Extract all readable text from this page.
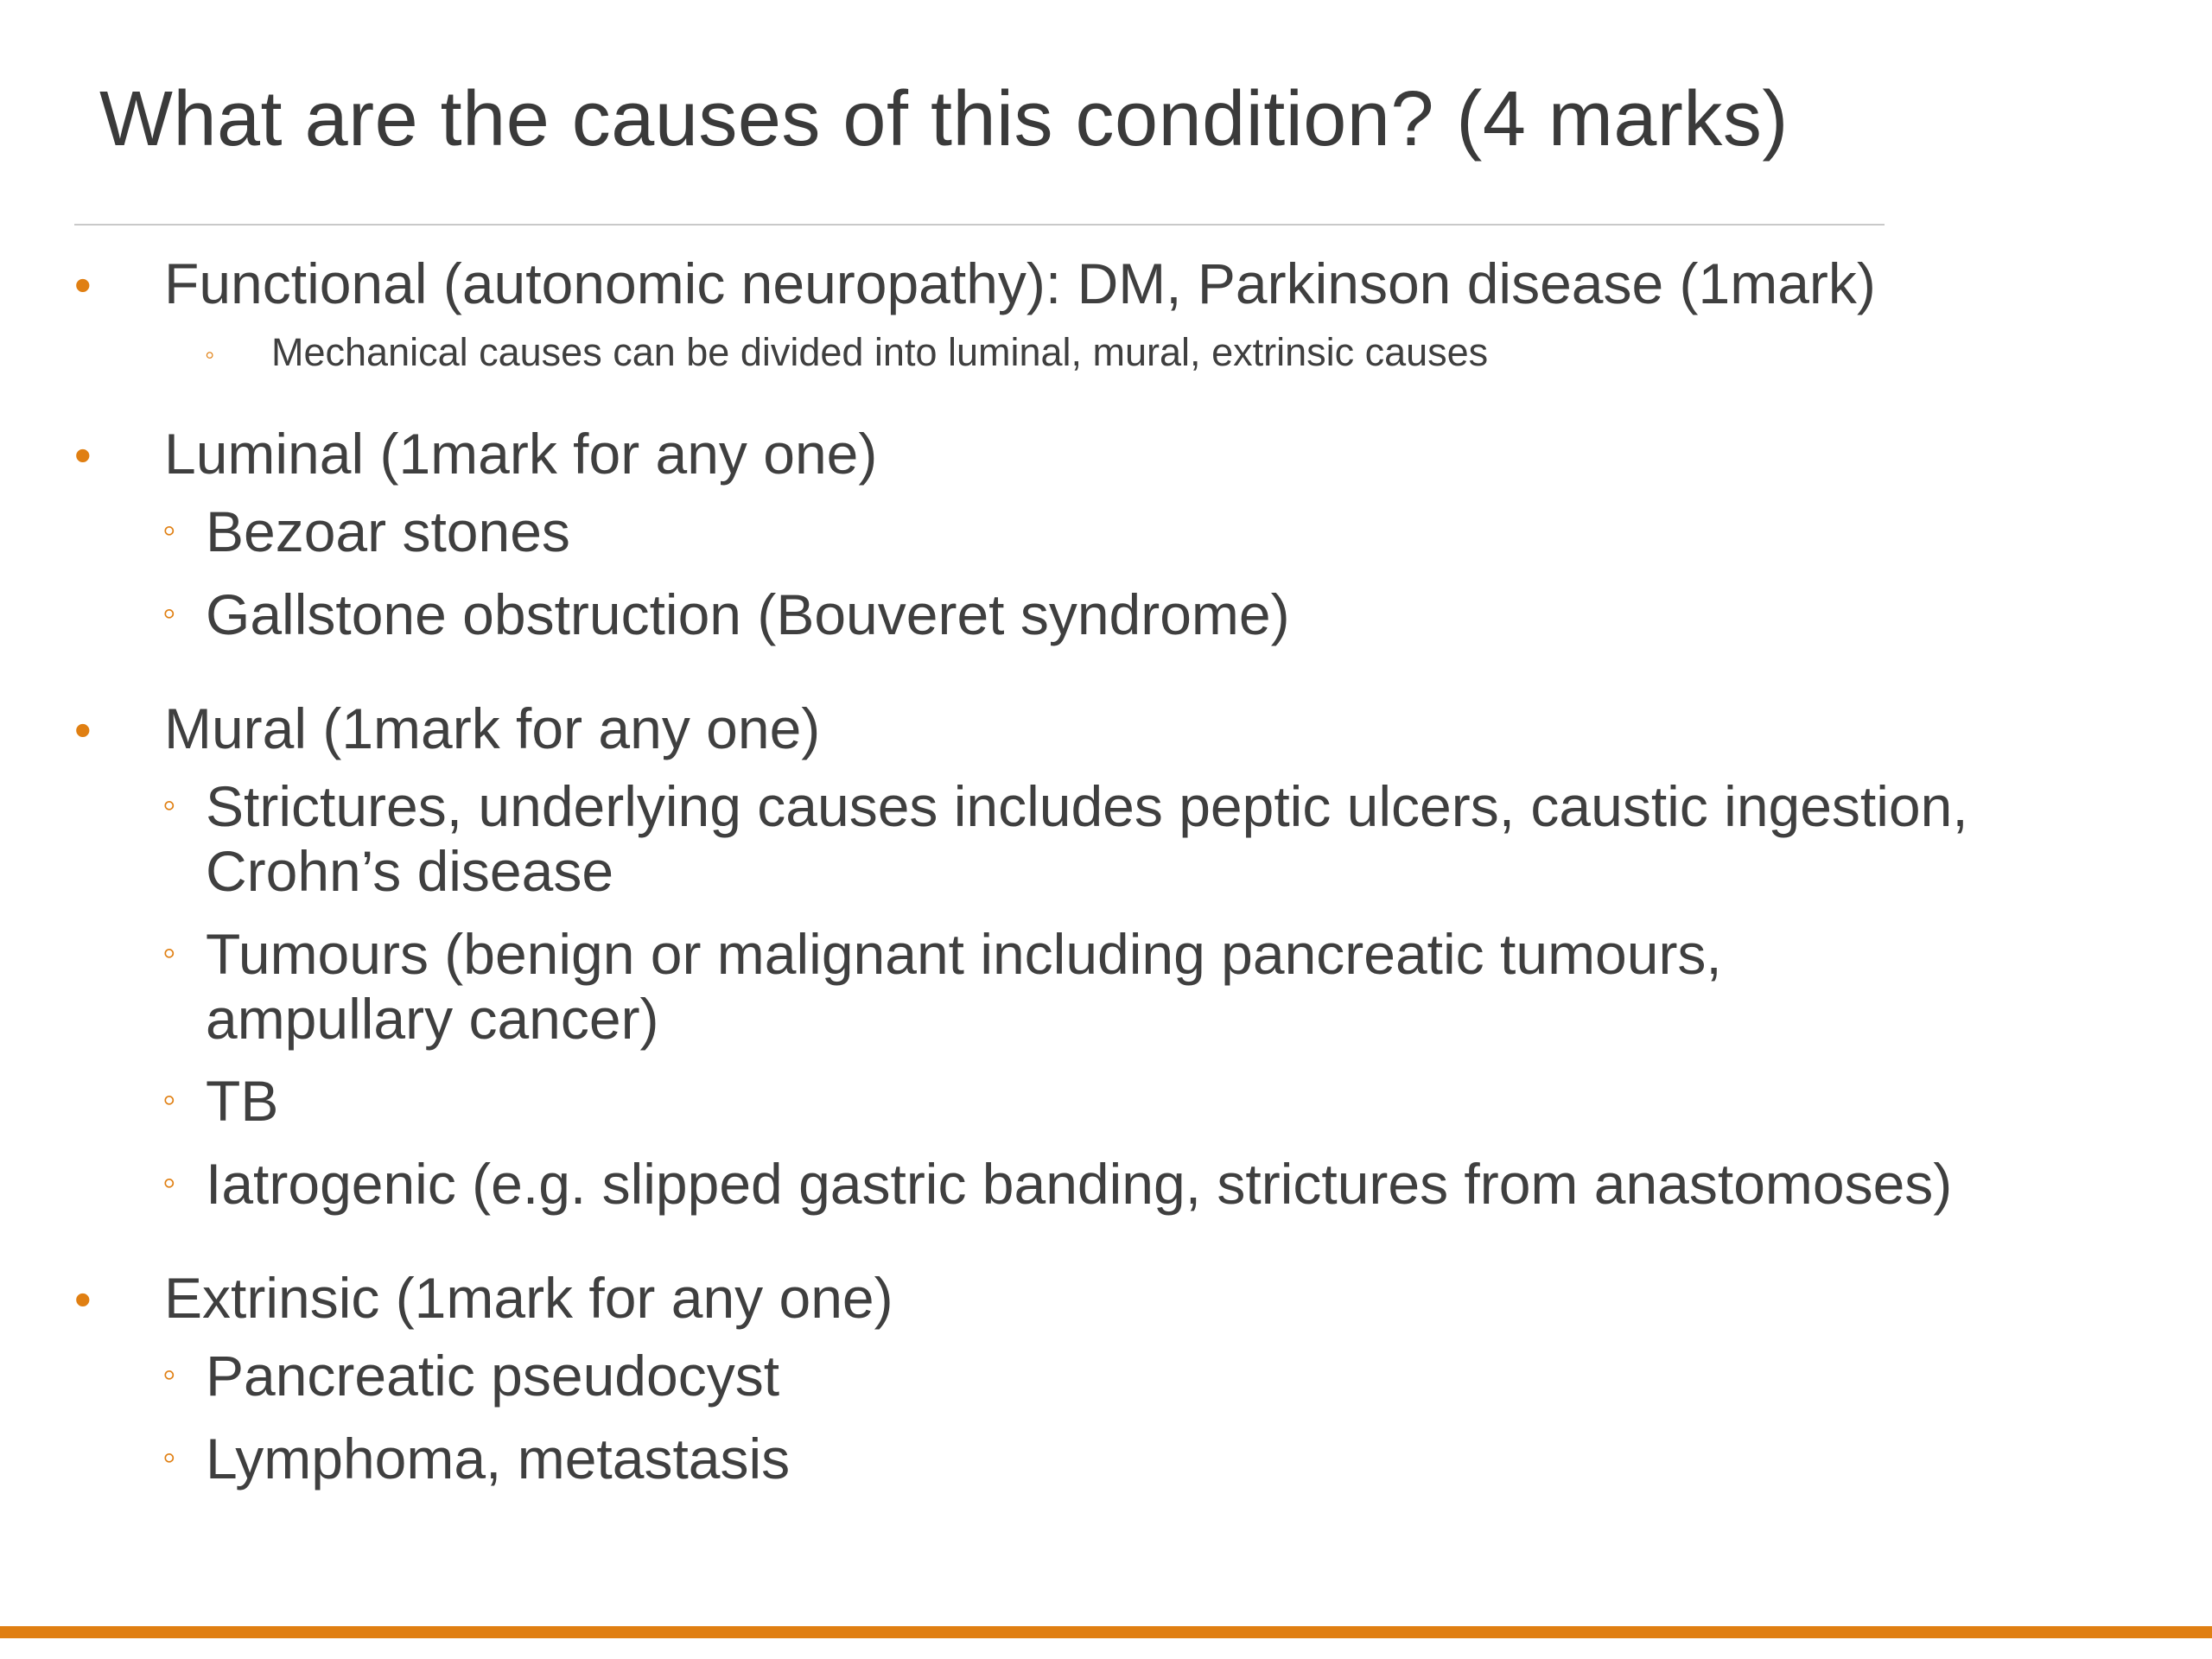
What are the causes of this condition? (4 marks)
• Functional (autonomic neuropathy): DM, Parkinson disease (1mark)
◦ Mechanical causes can be divided into luminal, mural, extrinsic causes
• Luminal (1mark for any one)
◦ Bezoar stones
◦ Gallstone obstruction (Bouveret syndrome)
• Mural (1mark for any one)
◦ Strictures, underlying causes includes peptic ulcers, caustic ingestion,
Crohn’s disease
◦ Tumours (benign or malignant including pancreatic tumours,
ampullary cancer)
◦ TB
◦ Iatrogenic (e.g. slipped gastric banding, strictures from anastomoses)
• Extrinsic (1mark for any one)
◦ Pancreatic pseudocyst
◦ Lymphoma, metastasis
